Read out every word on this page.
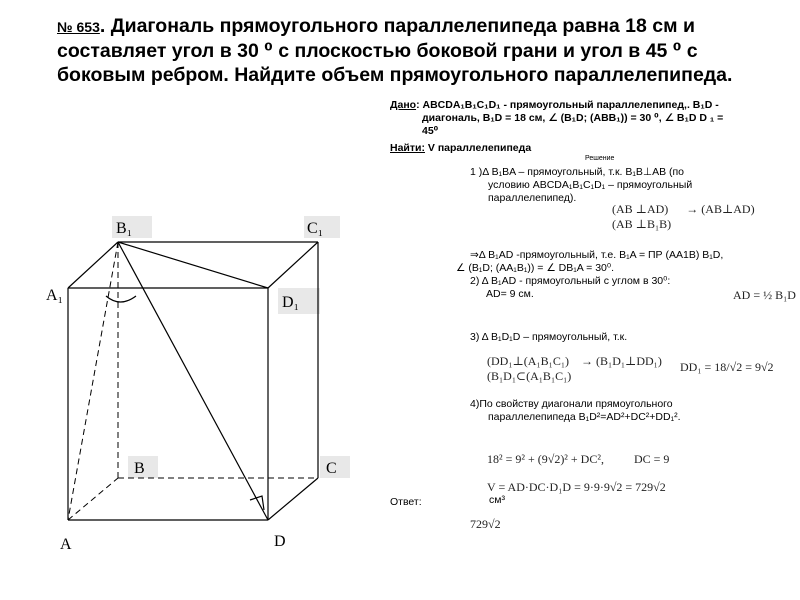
№ 653. Диагональ прямоугольного параллелепипеда равна 18 см и составляет угол в 30 ⁰ с плоскостью боковой грани и угол в 45 ⁰ с боковым ребром. Найдите объем прямоугольного параллелепипеда.
Дано: ABCDA₁B₁C₁D₁ - прямоугольный параллелепипед,. B₁D -
диагональ, B₁D = 18 см, ∠ (B₁D; (ABB₁)) = 30 ⁰, ∠ B₁D D ₁ =
45⁰
Найти: V параллелепипеда
Решение
1 )Δ B₁BA – прямоугольный, т.к. B₁B⊥AB (по
условию ABCDA₁B₁C₁D₁ – прямоугольный
параллелепипед).
(AB ⊥AD)      → (AB⊥AD)
(AB ⊥B₁B)
⇒Δ B₁AD -прямоугольный, т.е. B₁A = ПР (AA1B) B₁D,
∠ (B₁D; (AA₁B₁)) = ∠ DB₁A = 30⁰.
2) Δ B₁AD - прямоугольный с углом в 30⁰:
AD= 9 см.	AD = ½ B₁D
3) Δ B₁D₁D – прямоугольный, т.к.
(DD₁⊥(A₁B₁C₁)    → (B₁D₁⊥DD₁)
(B₁D₁⊂(A₁B₁C₁)
DD₁ = 18/√2 = 9√2
4)По свойству диагонали прямоугольного
параллелепипеда B₁D²=AD²+DC²+DD₁².
18² = 9² + (9√2)² + DC²,          DC = 9
V = AD·DC·D₁D = 9·9·9√2 = 729√2
Ответ:	см³
729√2
B₁	C₁
A₁	D₁
B	C
A	D
